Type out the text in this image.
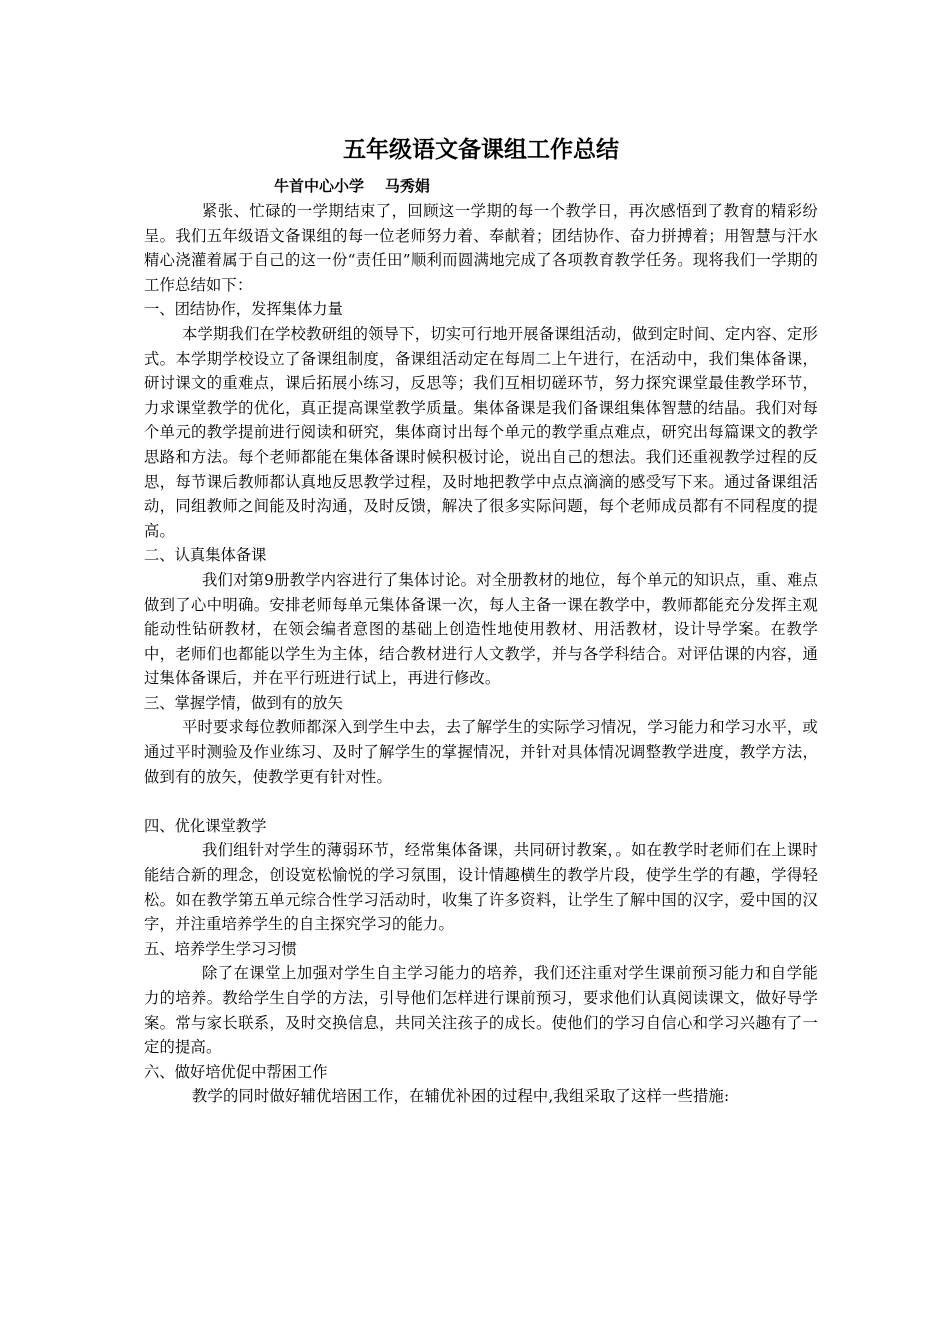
五年级语文备课组工作总结
牛首中心小学 马秀娟

紧张、忙碌的一学期结束了，回顾这一学期的每一个教学日，再次感悟到了教育的精彩纷呈。我们五年级语文备课组的每一位老师努力着、奉献着；团结协作、奋力拼搏着；用智慧与汗水精心浇灌着属于自己的这一份“责任田”顺利而圆满地完成了各项教育教学任务。现将我们一学期的工作总结如下：

一、团结协作，发挥集体力量

本学期我们在学校教研组的领导下，切实可行地开展备课组活动，做到定时间、定内容、定形式。本学期学校设立了备课组制度，备课组活动定在每周二上午进行，在活动中，我们集体备课，研讨课文的重难点，课后拓展小练习，反思等；我们互相切磋环节，努力探究课堂最佳教学环节，力求课堂教学的优化，真正提高课堂教学质量。集体备课是我们备课组集体智慧的结晶。我们对每个单元的教学提前进行阅读和研究，集体商讨出每个单元的教学重点难点，研究出每篇课文的教学思路和方法。每个老师都能在集体备课时候积极讨论，说出自己的想法。我们还重视教学过程的反思，每节课后教师都认真地反思教学过程，及时地把教学中点点滴滴的感受写下来。通过备课组活动，同组教师之间能及时沟通，及时反馈，解决了很多实际问题，每个老师成员都有不同程度的提高。

二、认真集体备课

我们对第9册教学内容进行了集体讨论。对全册教材的地位，每个单元的知识点，重、难点做到了心中明确。安排老师每单元集体备课一次，每人主备一课在教学中，教师都能充分发挥主观能动性钻研教材，在领会编者意图的基础上创造性地使用教材、用活教材，设计导学案。在教学中，老师们也都能以学生为主体，结合教材进行人文教学，并与各学科结合。对评估课的内容，通过集体备课后，并在平行班进行试上，再进行修改。

三、掌握学情，做到有的放矢

平时要求每位教师都深入到学生中去，去了解学生的实际学习情况，学习能力和学习水平，或通过平时测验及作业练习、及时了解学生的掌握情况，并针对具体情况调整教学进度，教学方法，做到有的放矢，使教学更有针对性。

四、优化课堂教学

我们组针对学生的薄弱环节，经常集体备课，共同研讨教案，。如在教学时老师们在上课时能结合新的理念，创设宽松愉悦的学习氛围，设计情趣横生的教学片段，使学生学的有趣，学得轻松。如在教学第五单元综合性学习活动时，收集了许多资料，让学生了解中国的汉字，爱中国的汉字，并注重培养学生的自主探究学习的能力。

五、培养学生学习习惯

除了在课堂上加强对学生自主学习能力的培养，我们还注重对学生课前预习能力和自学能力的培养。教给学生自学的方法，引导他们怎样进行课前预习，要求他们认真阅读课文，做好导学案。常与家长联系，及时交换信息，共同关注孩子的成长。使他们的学习自信心和学习兴趣有了一定的提高。

六、做好培优促中帮困工作

教学的同时做好辅优培困工作，在辅优补困的过程中,我组采取了这样一些措施:
